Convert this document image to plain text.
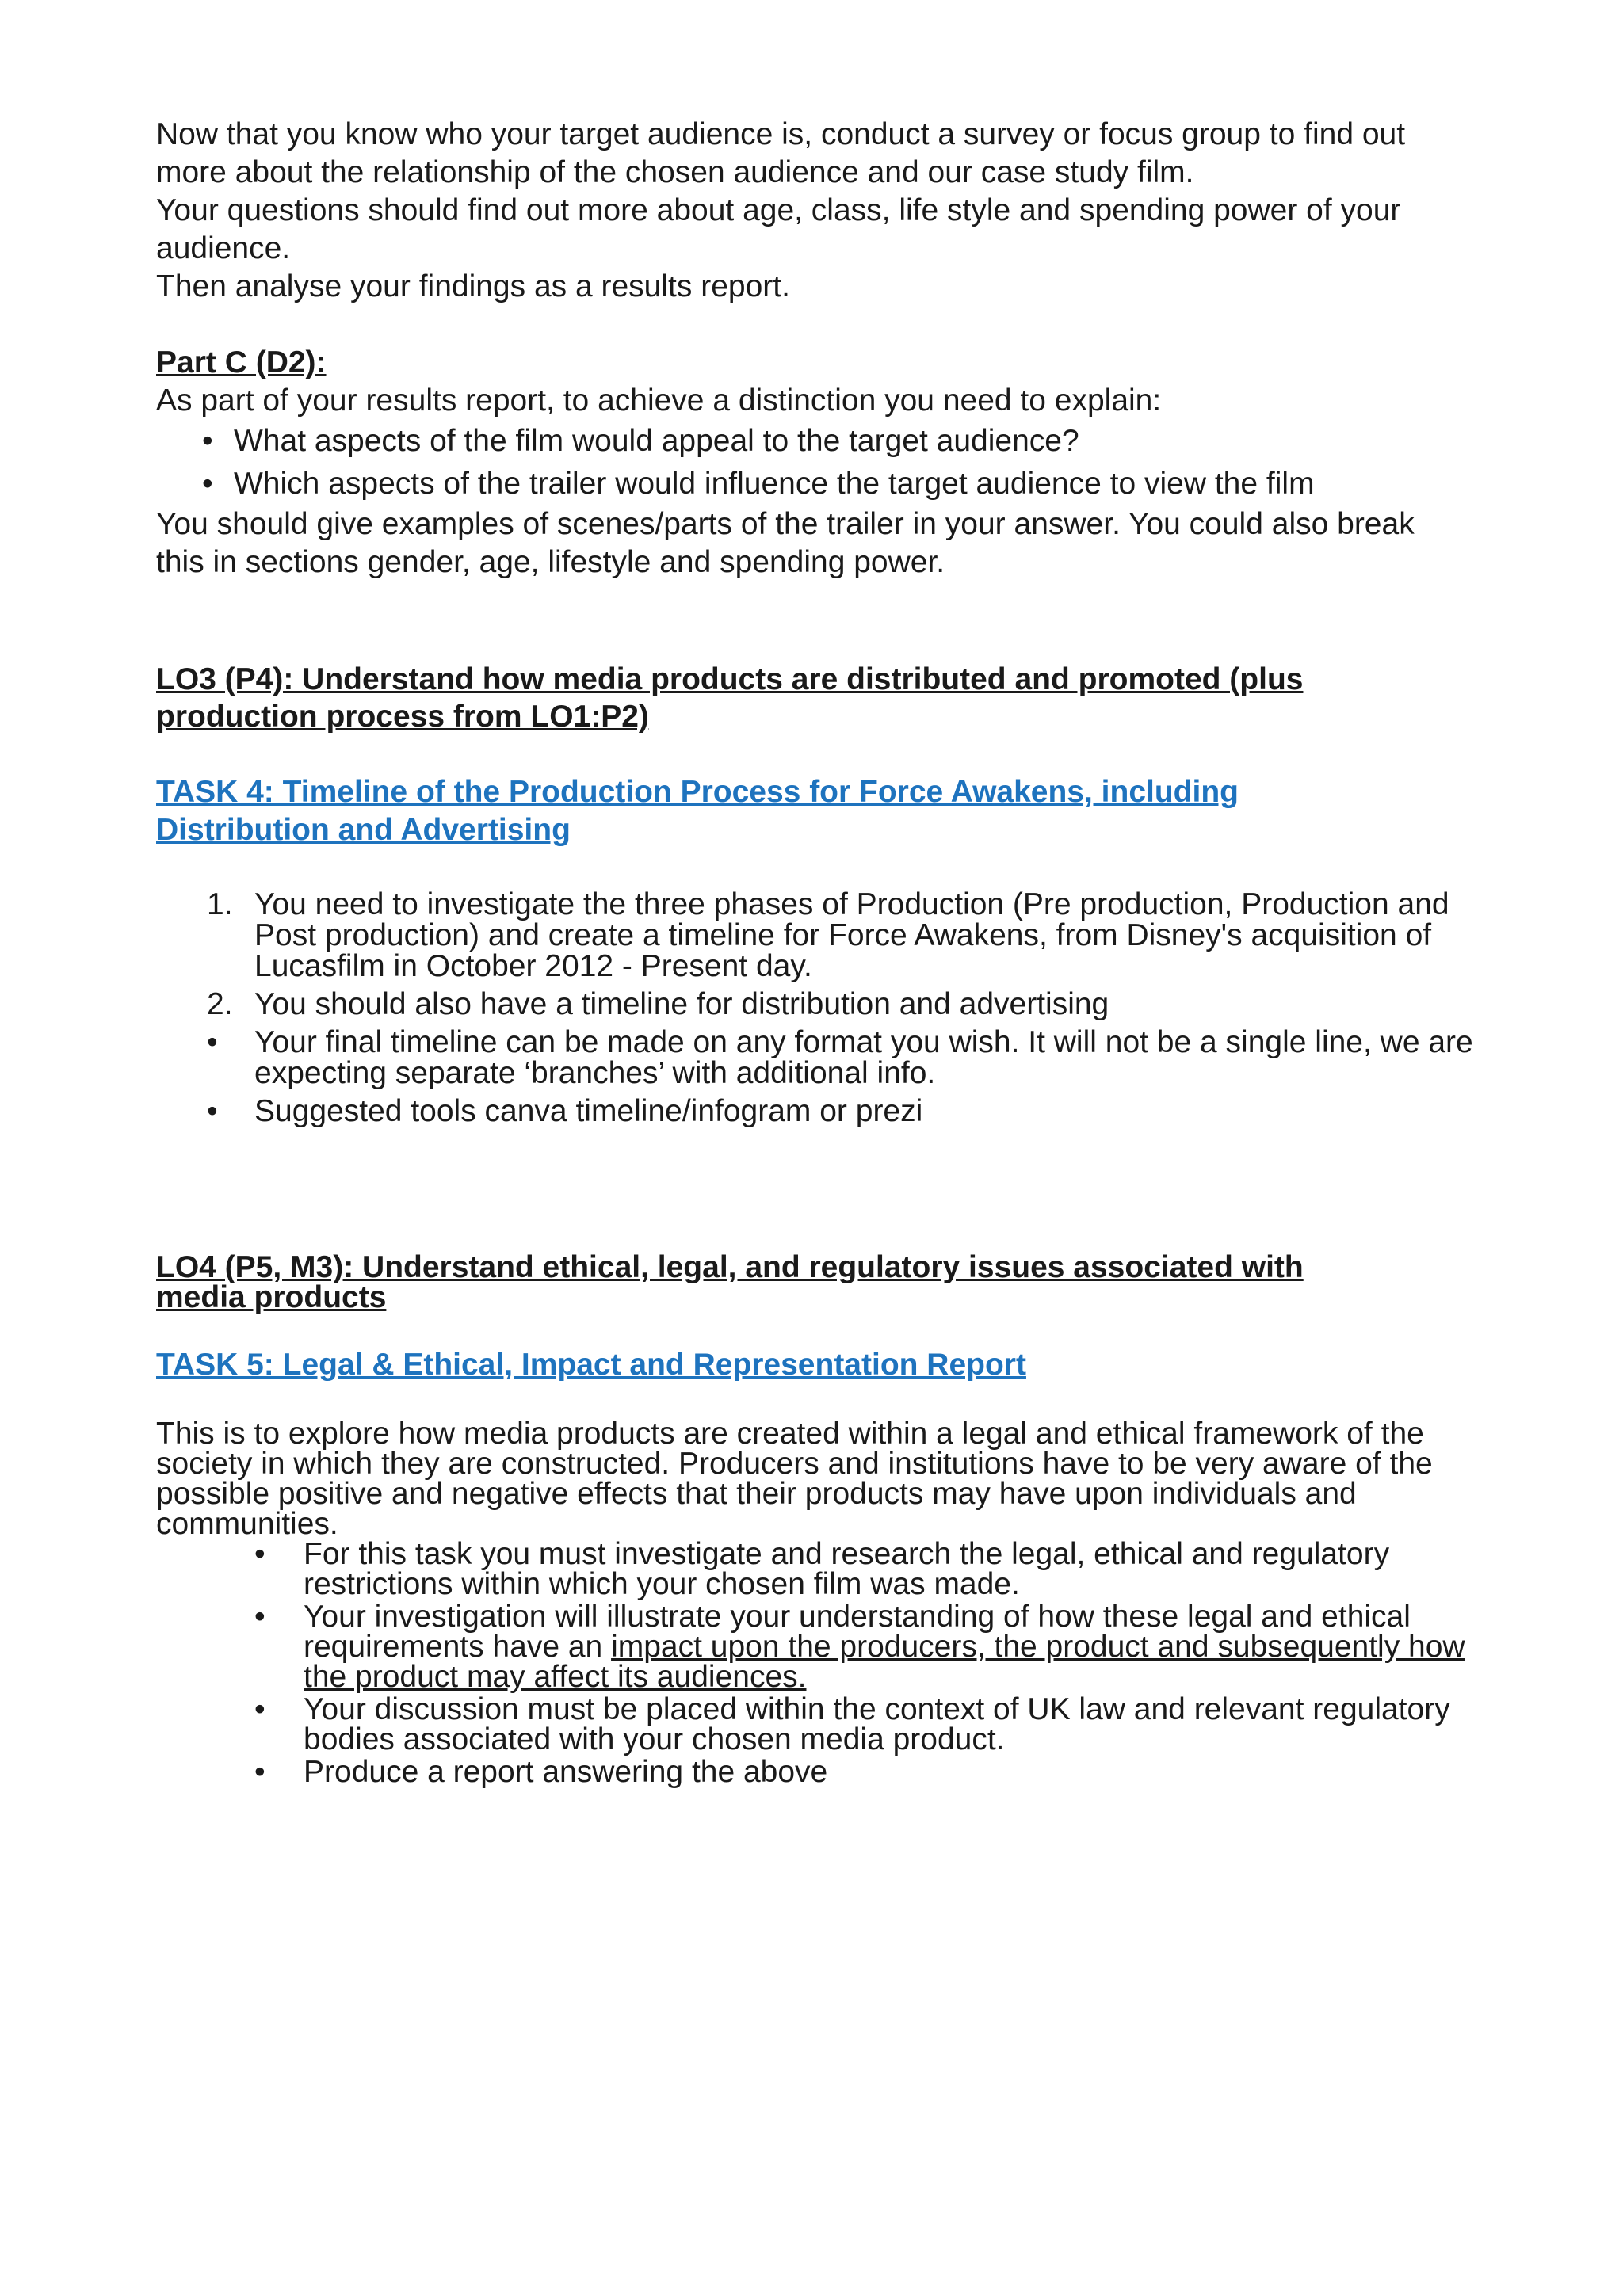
Now that you know who your target audience is, conduct a survey or focus group to find out more about the relationship of the chosen audience and our case study film.

Your questions should find out more about age, class, life style and spending power of your audience.

Then analyse your findings as a results report.

Part C (D2):

As part of your results report, to achieve a distinction you need to explain:

• What aspects of the film would appeal to the target audience?
• Which aspects of the trailer would influence the target audience to view the film

You should give examples of scenes/parts of the trailer in your answer. You could also break this in sections gender, age, lifestyle and spending power.

LO3 (P4): Understand how media products are distributed and promoted (plus production process from LO1:P2)

TASK 4: Timeline of the Production Process for Force Awakens, including Distribution and Advertising

1. You need to investigate the three phases of Production (Pre production, Production and Post production) and create a timeline for Force Awakens, from Disney's acquisition of Lucasfilm in October 2012 - Present day.
2. You should also have a timeline for distribution and advertising
• Your final timeline can be made on any format you wish. It will not be a single line, we are expecting separate ‘branches’ with additional info.
• Suggested tools canva timeline/infogram or prezi

LO4 (P5, M3): Understand ethical, legal, and regulatory issues associated with media products

TASK 5: Legal & Ethical, Impact and Representation Report

This is to explore how media products are created within a legal and ethical framework of the society in which they are constructed. Producers and institutions have to be very aware of the possible positive and negative effects that their products may have upon individuals and communities.

• For this task you must investigate and research the legal, ethical and regulatory restrictions within which your chosen film was made.
• Your investigation will illustrate your understanding of how these legal and ethical requirements have an impact upon the producers, the product and subsequently how the product may affect its audiences.
• Your discussion must be placed within the context of UK law and relevant regulatory bodies associated with your chosen media product.
• Produce a report answering the above
